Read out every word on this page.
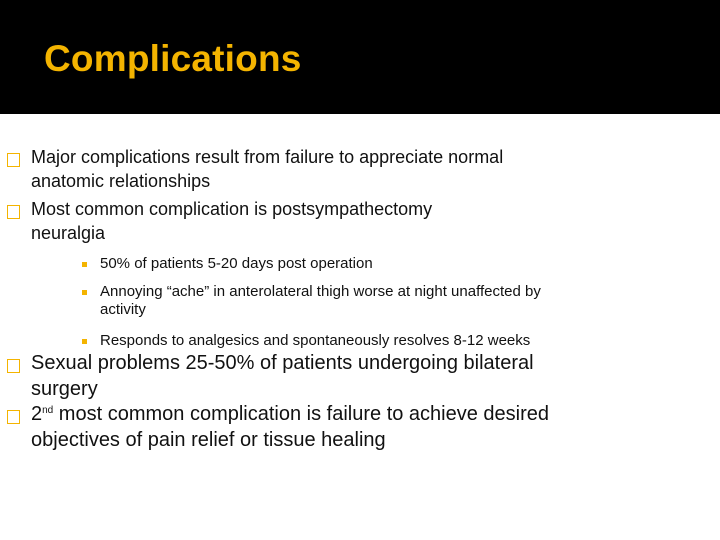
Complications
Major complications result from failure to appreciate normal
anatomic relationships
Most common complication is postsympathectomy
neuralgia
50% of patients 5-20 days post operation
Annoying “ache” in anterolateral thigh worse at night unaffected by
activity
Responds to analgesics and spontaneously resolves 8-12 weeks
Sexual problems 25-50% of patients undergoing bilateral
surgery
2nd most common complication is failure to achieve desired
objectives of pain relief or tissue healing
